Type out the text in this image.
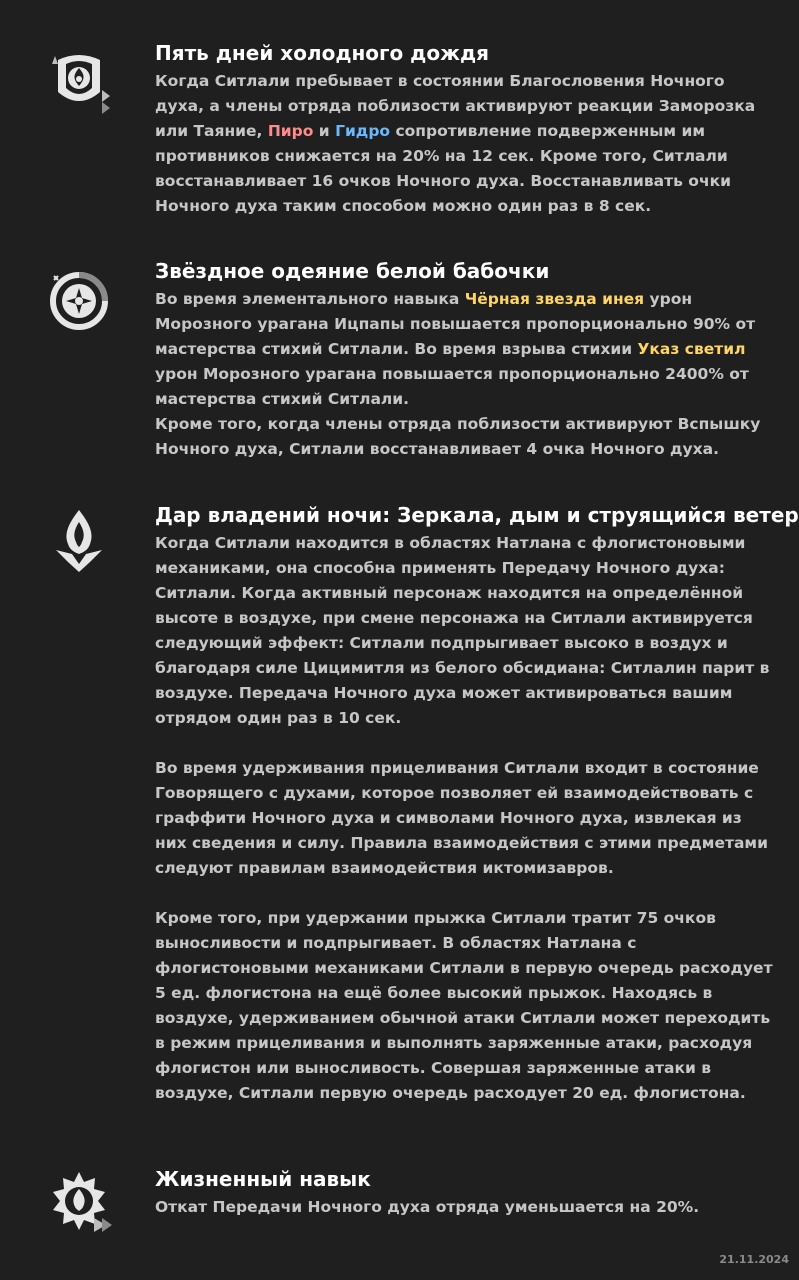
Пять дней холодного дождя

Когда Ситлали пребывает в состоянии Благословения Ночного духа, а члены отряда поблизости активируют реакции Заморозка или Таяние, Пиро и Гидро сопротивление подверженным им противников снижается на 20% на 12 сек. Кроме того, Ситлали восстанавливает 16 очков Ночного духа. Восстанавливать очки Ночного духа таким способом можно один раз в 8 сек.

Звёздное одеяние белой бабочки

Во время элементального навыка Чёрная звезда инея урон Морозного урагана Ицпапы повышается пропорционально 90% от мастерства стихий Ситлали. Во время взрыва стихии Указ светил урон Морозного урагана повышается пропорционально 2400% от мастерства стихий Ситлали.

Кроме того, когда члены отряда поблизости активируют Вспышку Ночного духа, Ситлали восстанавливает 4 очка Ночного духа.

Дар владений ночи: Зеркала, дым и струящийся ветер

Когда Ситлали находится в областях Натлана с флогистоновыми механиками, она способна применять Передачу Ночного духа: Ситлали. Когда активный персонаж находится на определённой высоте в воздухе, при смене персонажа на Ситлали активируется следующий эффект: Ситлали подпрыгивает высоко в воздух и благодаря силе Цицимитля из белого обсидиана: Ситлалин парит в воздухе. Передача Ночного духа может активироваться вашим отрядом один раз в 10 сек.

Во время удерживания прицеливания Ситлали входит в состояние Говорящего с духами, которое позволяет ей взаимодействовать с граффити Ночного духа и символами Ночного духа, извлекая из них сведения и силу. Правила взаимодействия с этими предметами следуют правилам взаимодействия иктомизавров.

Кроме того, при удержании прыжка Ситлали тратит 75 очков выносливости и подпрыгивает. В областях Натлана с флогистоновыми механиками Ситлали в первую очередь расходует 5 ед. флогистона на ещё более высокий прыжок. Находясь в воздухе, удерживанием обычной атаки Ситлали может переходить в режим прицеливания и выполнять заряженные атаки, расходуя флогистон или выносливость. Совершая заряженные атаки в воздухе, Ситлали первую очередь расходует 20 ед. флогистона.

Жизненный навык

Откат Передачи Ночного духа отряда уменьшается на 20%.

21.11.2024
